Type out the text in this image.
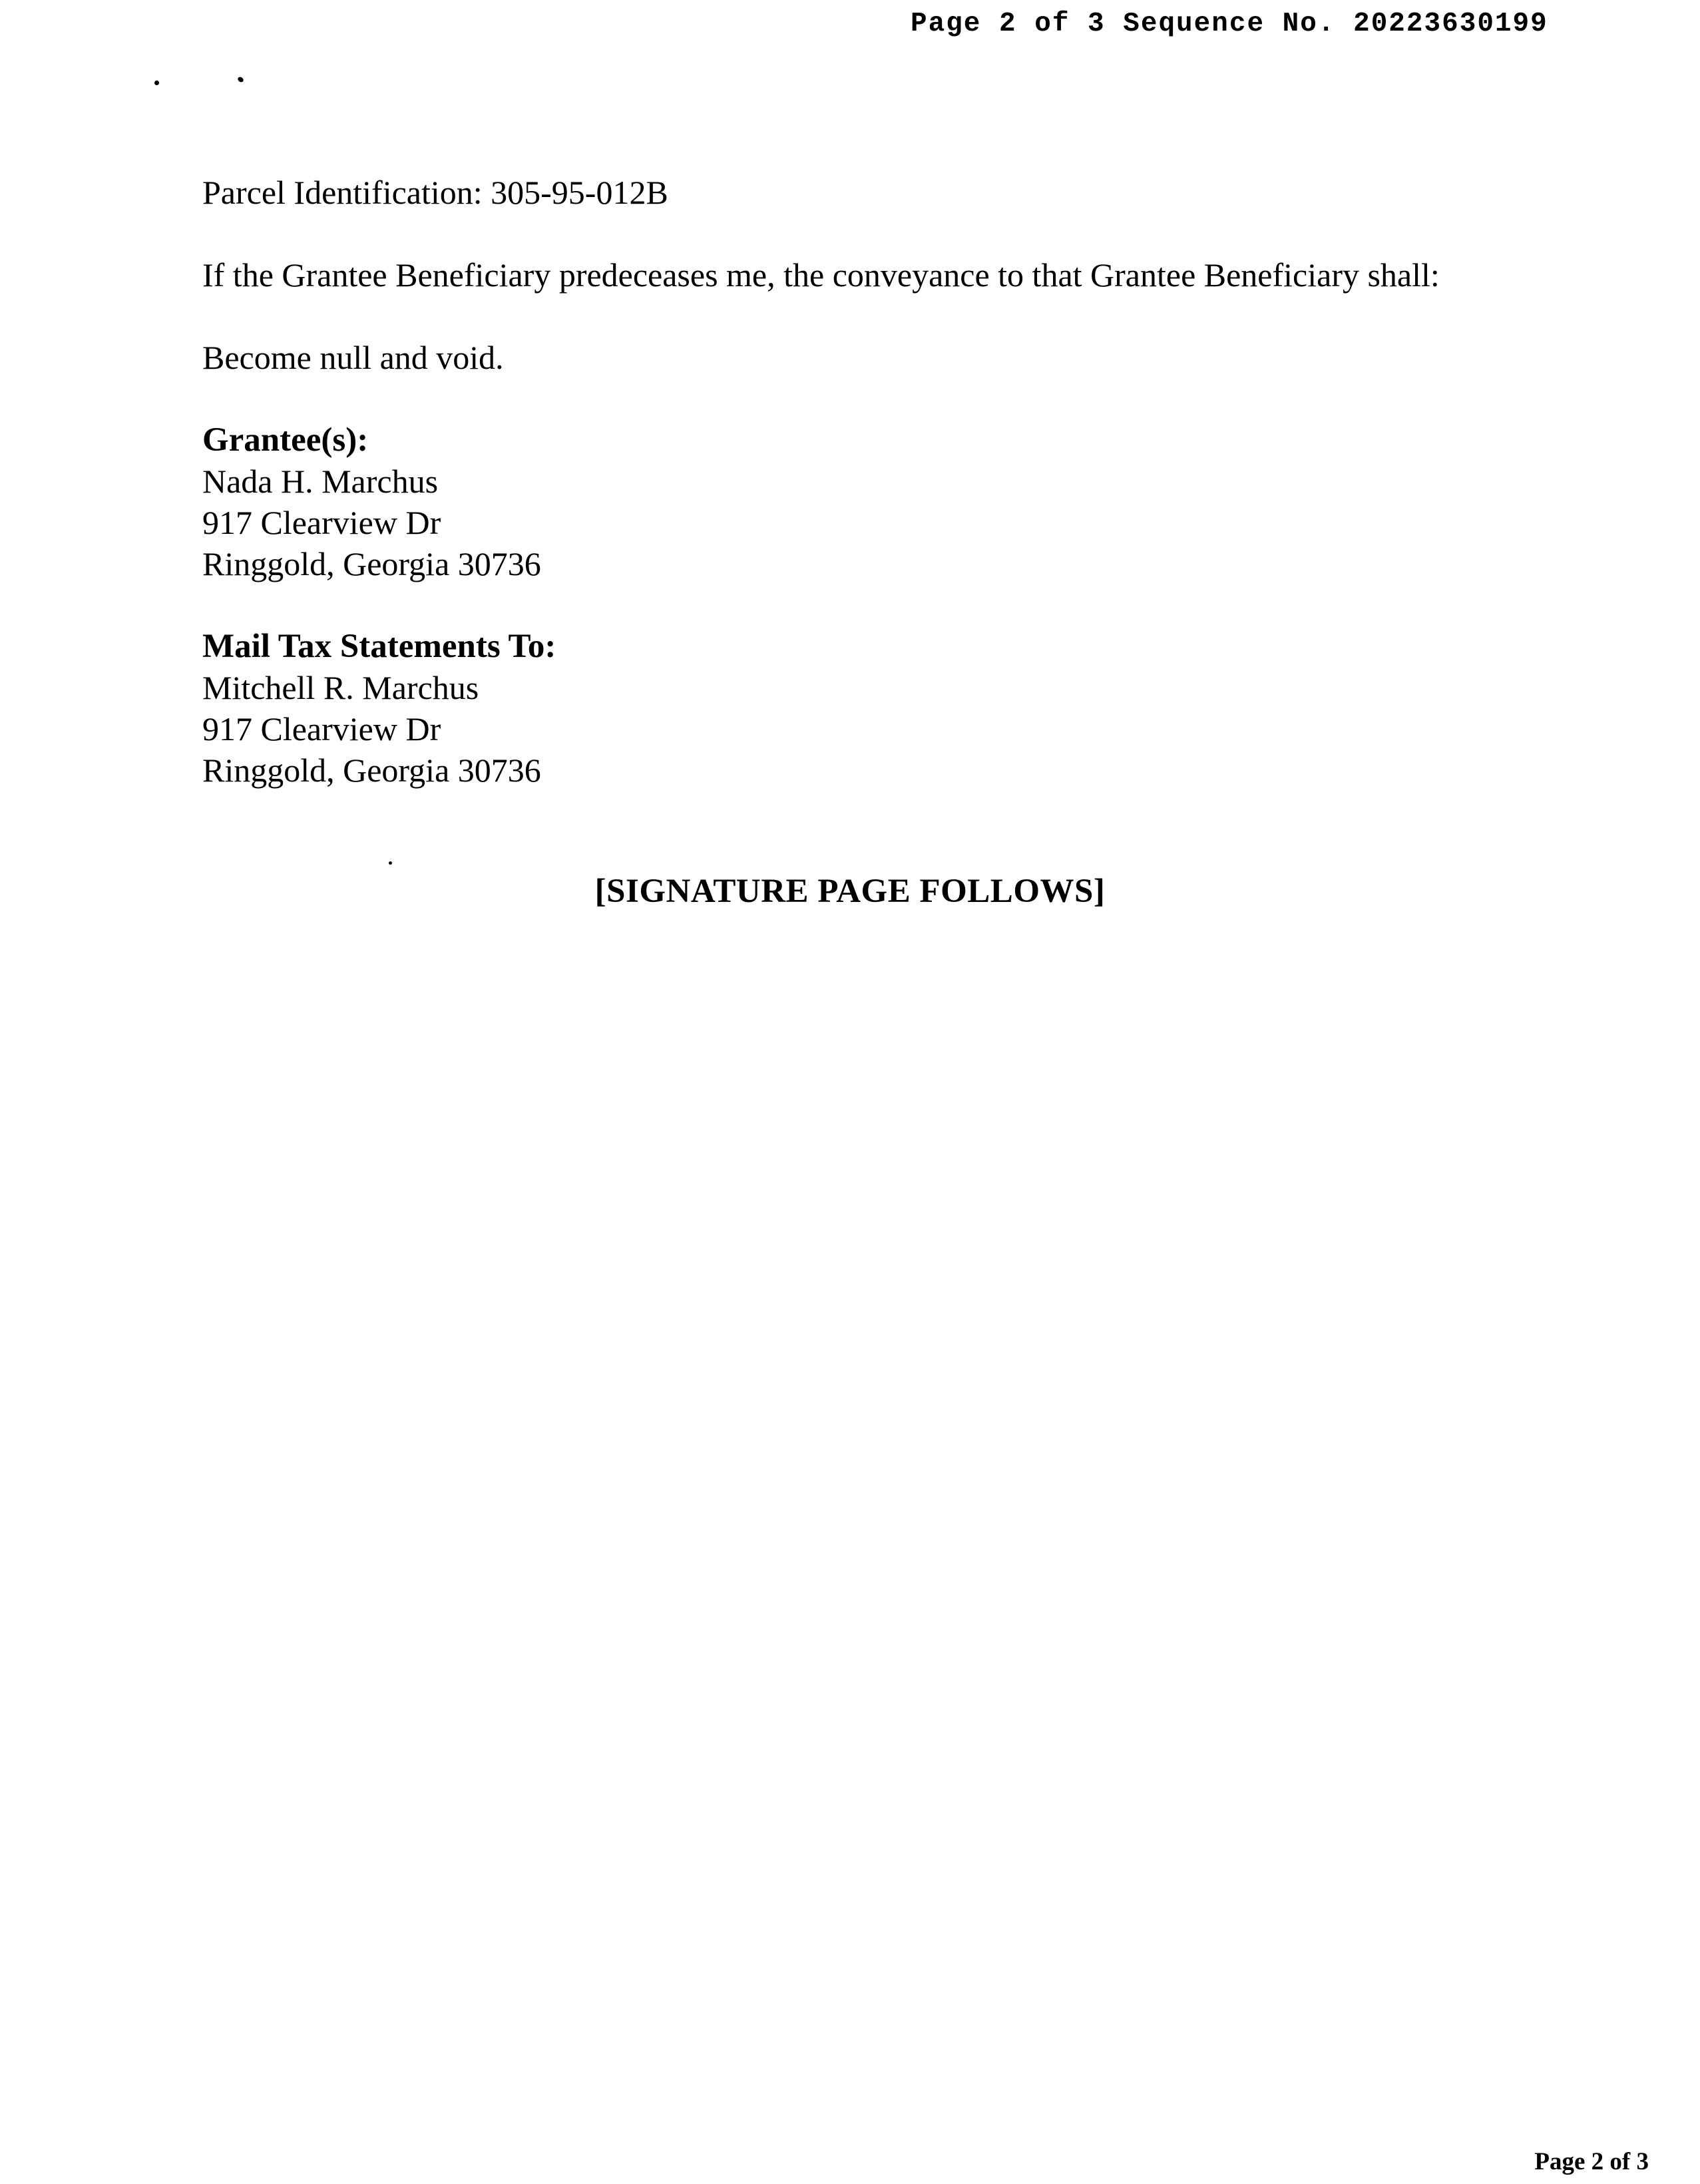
Page 2 of 3 Sequence No. 20223630199

Parcel Identification: 305-95-012B

If the Grantee Beneficiary predeceases me, the conveyance to that Grantee Beneficiary shall:

Become null and void.

Grantee(s):
Nada H. Marchus
917 Clearview Dr
Ringgold, Georgia 30736
Mail Tax Statements To:
Mitchell R. Marchus
917 Clearview Dr
Ringgold, Georgia 30736
[SIGNATURE PAGE FOLLOWS]
Page 2 of 3
